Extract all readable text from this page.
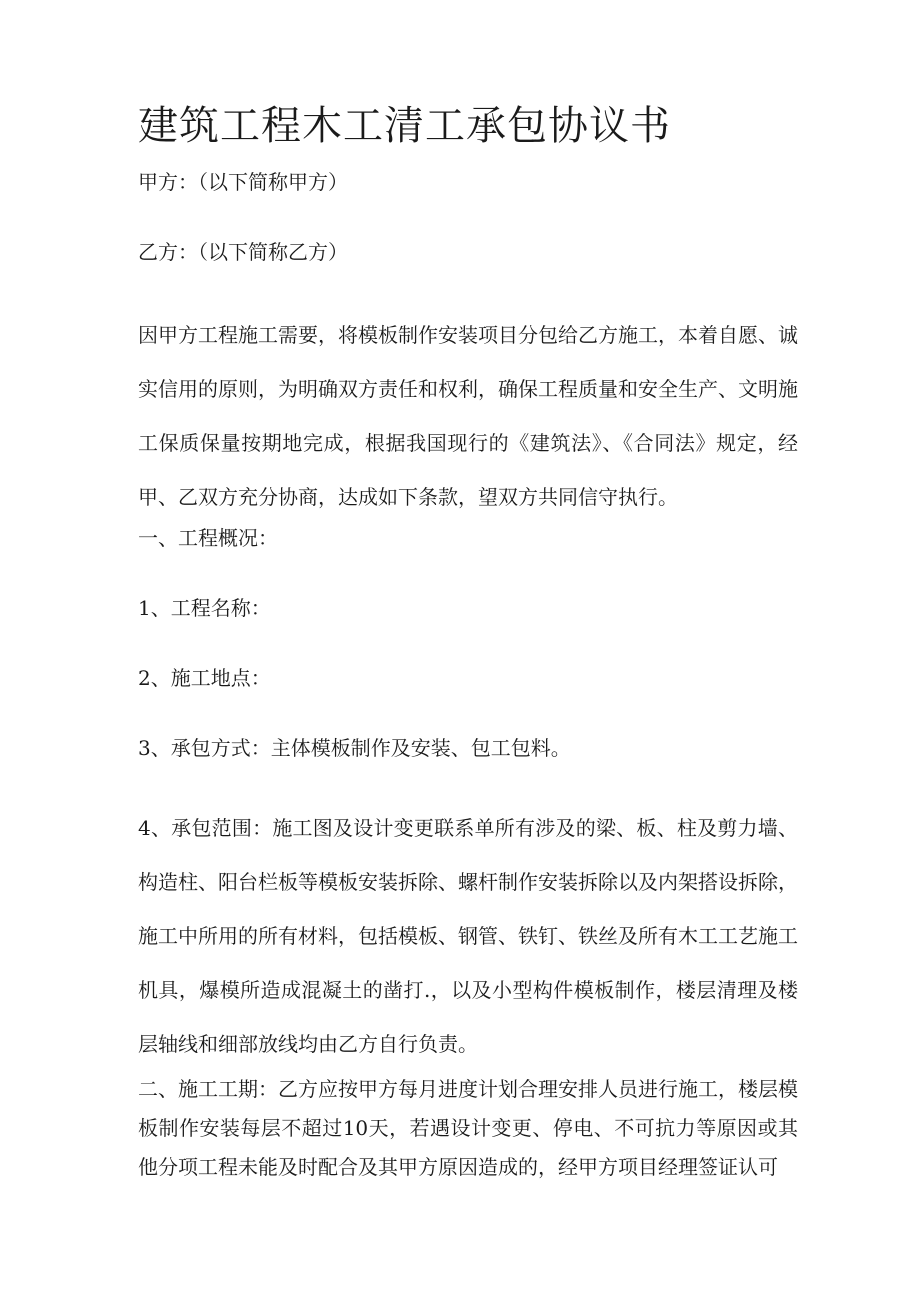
建筑工程木工清工承包协议书

甲方：（以下简称甲方）

乙方：（以下简称乙方）

因甲方工程施工需要，将模板制作安装项目分包给乙方施工，本着自愿、诚实信用的原则，为明确双方责任和权利，确保工程质量和安全生产、文明施工保质保量按期地完成，根据我国现行的《建筑法》、《合同法》规定，经甲、乙双方充分协商，达成如下条款，望双方共同信守执行。

一、工程概况：

1、工程名称：

2、施工地点：

3、承包方式：主体模板制作及安装、包工包料。

4、承包范围：施工图及设计变更联系单所有涉及的梁、板、柱及剪力墙、构造柱、阳台栏板等模板安装拆除、螺杆制作安装拆除以及内架搭设拆除，施工中所用的所有材料，包括模板、钢管、铁钉、铁丝及所有木工工艺施工机具，爆模所造成混凝土的凿打.，以及小型构件模板制作，楼层清理及楼层轴线和细部放线均由乙方自行负责。

二、施工工期：乙方应按甲方每月进度计划合理安排人员进行施工，楼层模板制作安装每层不超过10天，若遇设计变更、停电、不可抗力等原因或其他分项工程未能及时配合及其甲方原因造成的，经甲方项目经理签证认可
